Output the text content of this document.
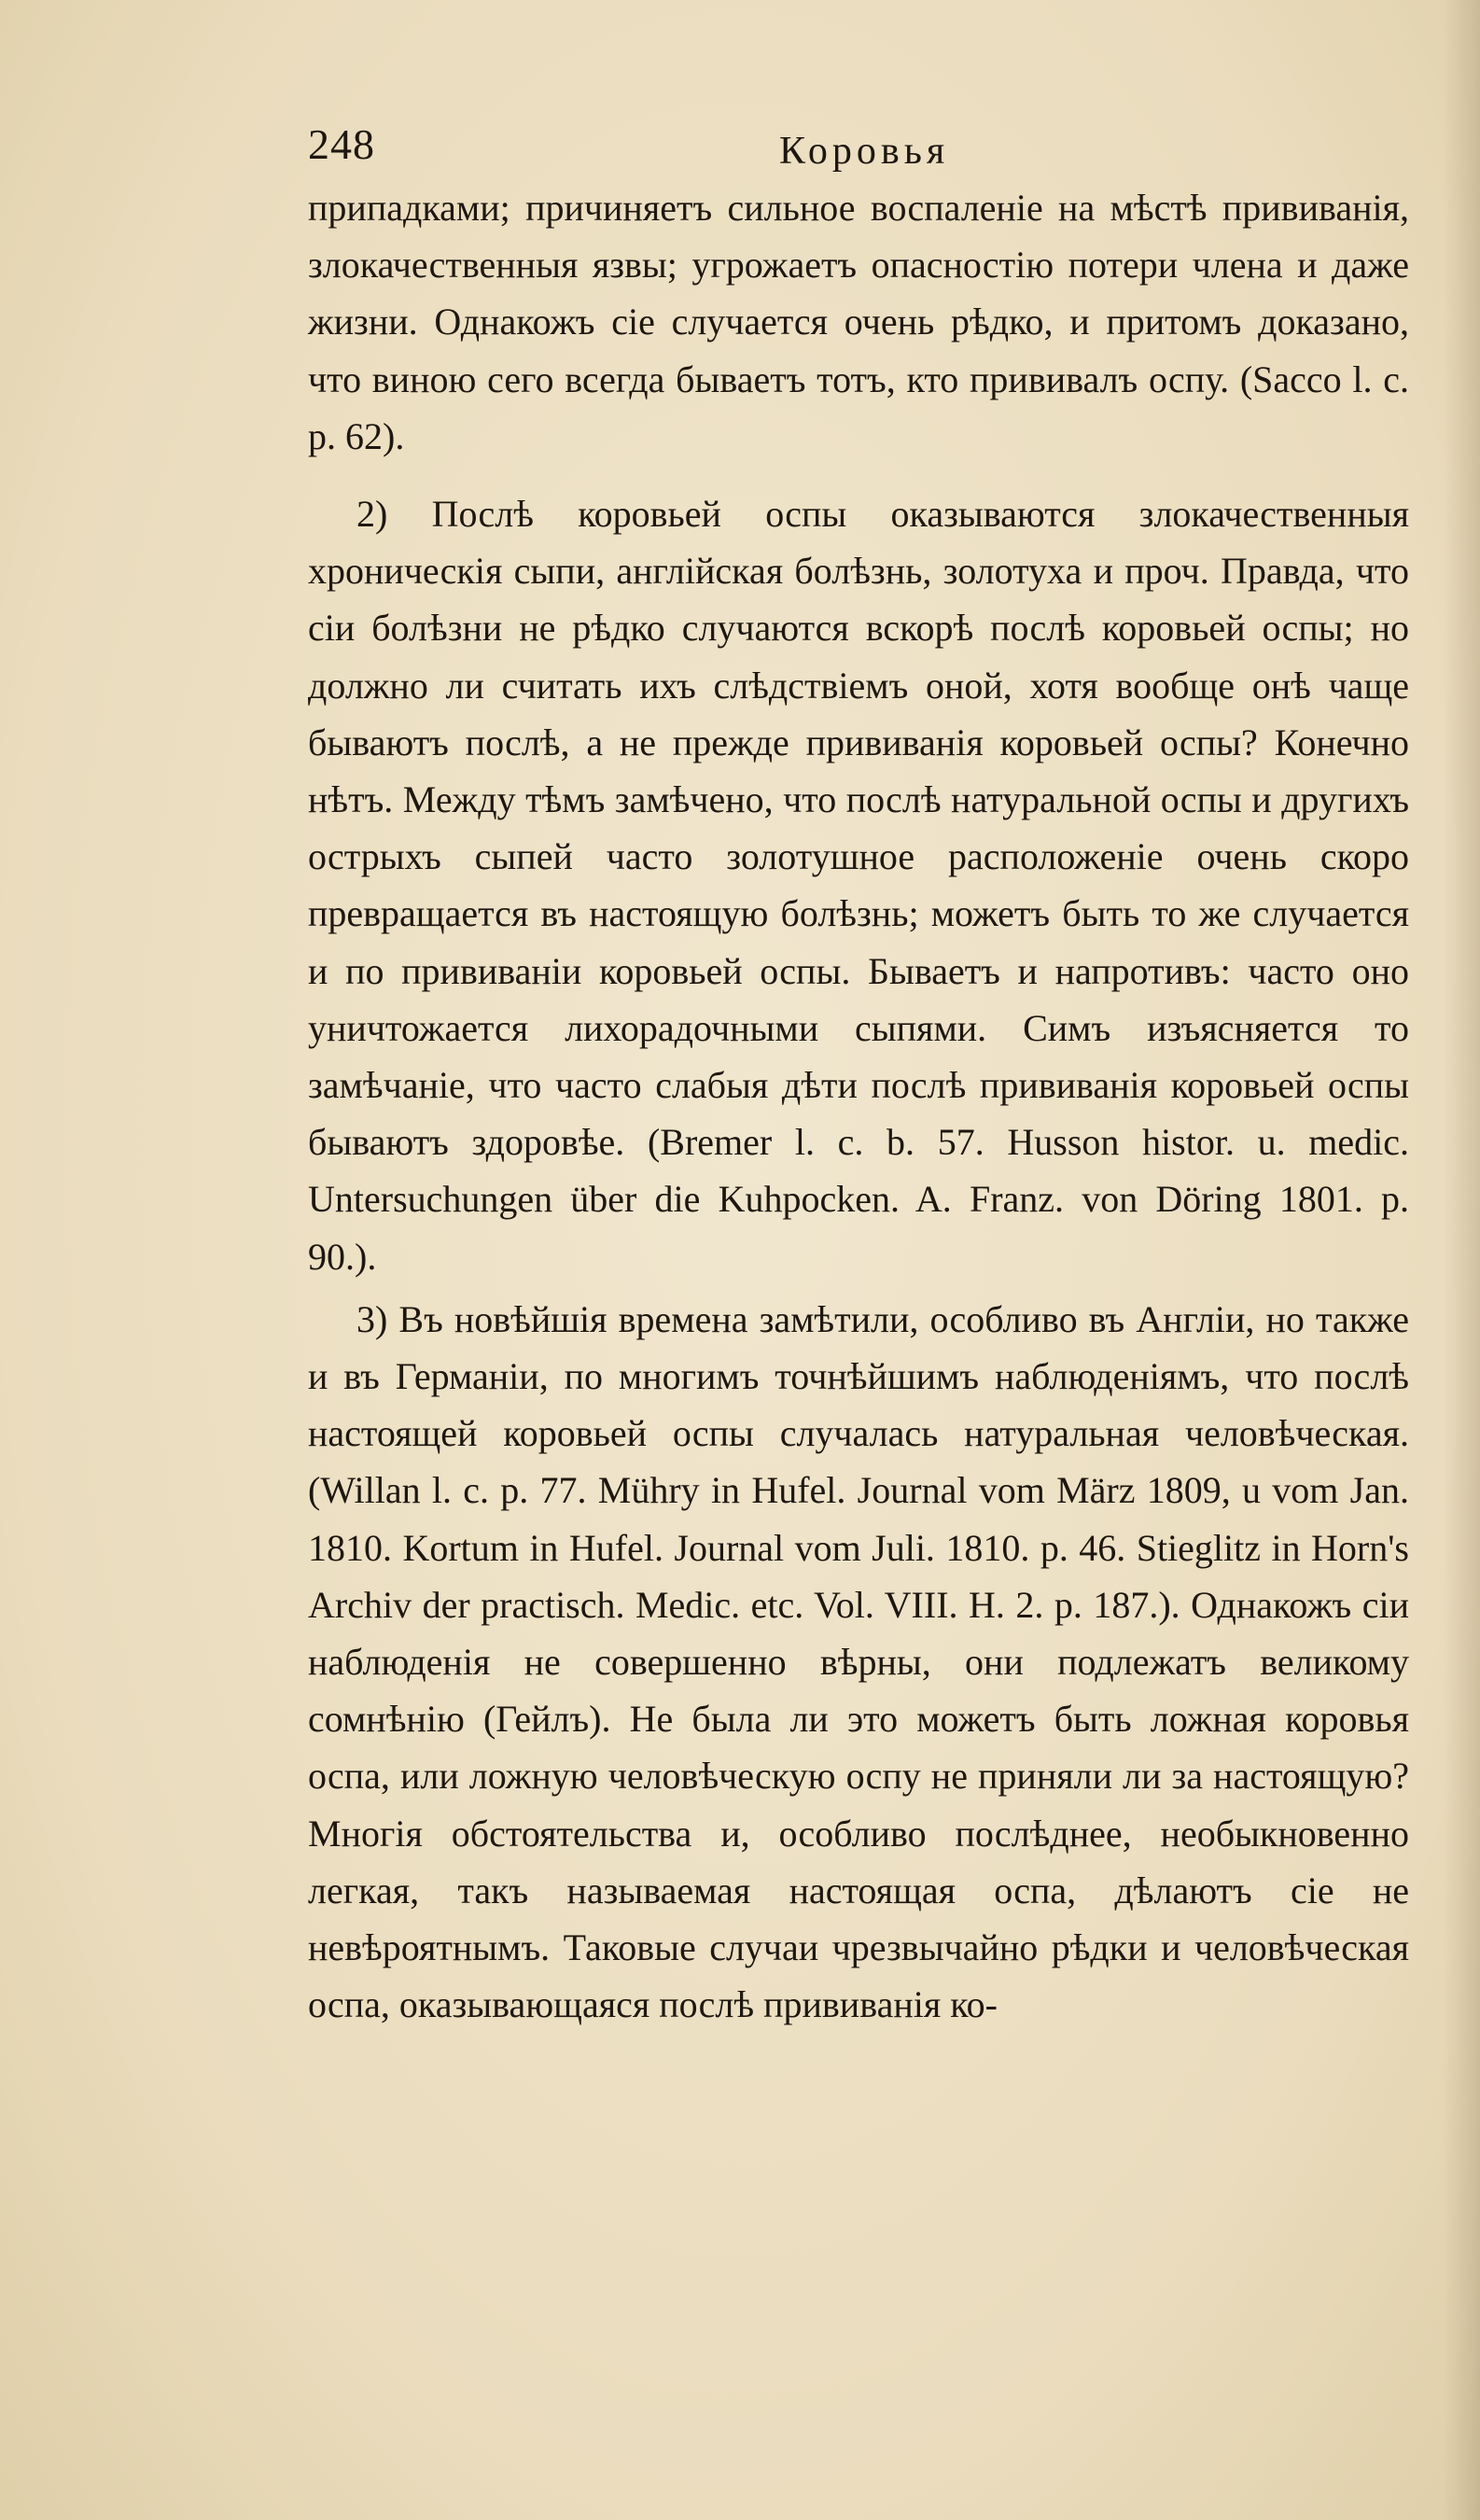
248	Коровья

припадками; причиняетъ сильное воспаленіе на мѣстѣ прививанія, злокачественныя язвы; угрожаетъ опасностію потери члена и даже жизни. Однакожъ сіе случается очень рѣдко, и притомъ доказано, что виною сего всегда бываетъ тотъ, кто прививалъ оспу. (Sacco l. c. p. 62).

2) Послѣ коровьей оспы оказываются злокачественныя хроническія сыпи, англійская болѣзнь, золотуха и проч. Правда, что сіи болѣзни не рѣдко случаются вскорѣ послѣ коровьей оспы; но должно ли считать ихъ слѣдствіемъ оной, хотя вообще онѣ чаще бываютъ послѣ, а не прежде прививанія коровьей оспы? Конечно нѣтъ. Между тѣмъ замѣчено, что послѣ натуральной оспы и другихъ острыхъ сыпей часто золотушное расположеніе очень скоро превращается въ настоящую болѣзнь; можетъ быть то же случается и по прививаніи коровьей оспы. Бываетъ и напротивъ: часто оно уничтожается лихорадочными сыпями. Симъ изъясняется то замѣчаніе, что часто слабыя дѣти послѣ прививанія коровьей оспы бываютъ здоровѣе. (Bremer l. c. b. 57. Husson histor. u. medic. Untersuchungen über die Kuhpocken. A. Franz. von Döring 1801. p. 90.).

3) Въ новѣйшія времена замѣтили, особливо въ Англіи, но также и въ Германіи, по многимъ точнѣйшимъ наблюденіямъ, что послѣ настоящей коровьей оспы случалась натуральная человѣческая. (Willan l. c. p. 77. Mühry in Hufel. Journal vom März 1809, u vom Jan. 1810. Kortum in Hufel. Journal vom Juli. 1810. p. 46. Stieglitz in Horn's Archiv der practisch. Medic. etc. Vol. VIII. H. 2. p. 187.). Однакожъ сіи наблюденія не совершенно вѣрны, они подлежатъ великому сомнѣнію (Гейлъ). Не была ли это можетъ быть ложная коровья оспа, или ложную человѣческую оспу не приняли ли за настоящую? Многія обстоятельства и, особливо послѣднее, необыкновенно легкая, такъ называемая настоящая оспа, дѣлаютъ сіе не невѣроятнымъ. Таковые случаи чрезвычайно рѣдки и человѣческая оспа, оказывающаяся послѣ прививанія ко-
